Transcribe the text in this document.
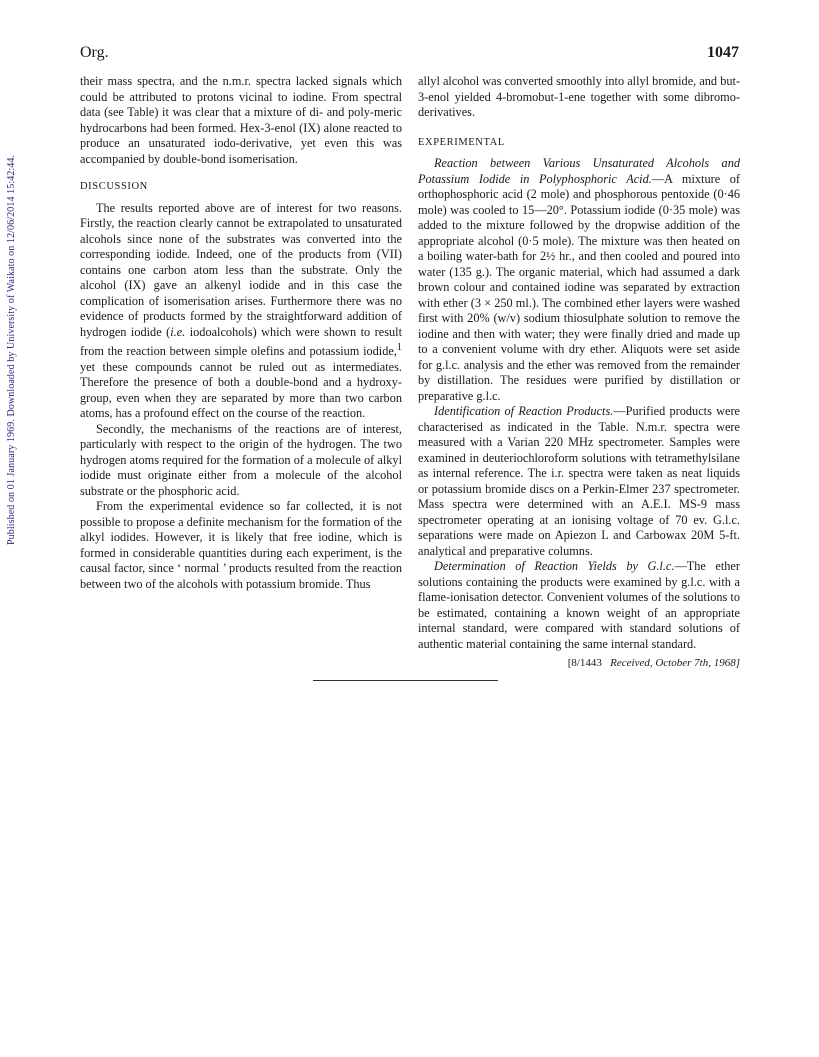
Published on 01 January 1969. Downloaded by University of Waikato on 12/06/2014 15:42:44.
Org.	1047

their mass spectra, and the n.m.r. spectra lacked signals which could be attributed to protons vicinal to iodine. From spectral data (see Table) it was clear that a mixture of di- and poly-meric hydrocarbons had been formed. Hex-3-enol (IX) alone reacted to produce an unsaturated iodo-derivative, yet even this was accompanied by double-bond isomerisation.

DISCUSSION

The results reported above are of interest for two reasons. Firstly, the reaction clearly cannot be extrapolated to unsaturated alcohols since none of the substrates was converted into the corresponding iodide. Indeed, one of the products from (VII) contains one carbon atom less than the substrate. Only the alcohol (IX) gave an alkenyl iodide and in this case the complication of isomerisation arises. Furthermore there was no evidence of products formed by the straightforward addition of hydrogen iodide (i.e. iodoalcohols) which were shown to result from the reaction between simple olefins and potassium iodide,$^1$ yet these compounds cannot be ruled out as intermediates. Therefore the presence of both a double-bond and a hydroxy-group, even when they are separated by more than two carbon atoms, has a profound effect on the course of the reaction.

Secondly, the mechanisms of the reactions are of interest, particularly with respect to the origin of the hydrogen. The two hydrogen atoms required for the formation of a molecule of alkyl iodide must originate either from a molecule of the alcohol substrate or the phosphoric acid.

From the experimental evidence so far collected, it is not possible to propose a definite mechanism for the formation of the alkyl iodides. However, it is likely that free iodine, which is formed in considerable quantities during each experiment, is the causal factor, since ‘ normal ’ products resulted from the reaction between two of the alcohols with potassium bromide. Thus

allyl alcohol was converted smoothly into allyl bromide, and but-3-enol yielded 4-bromobut-1-ene together with some dibromo-derivatives.

EXPERIMENTAL

Reaction between Various Unsaturated Alcohols and Potassium Iodide in Polyphosphoric Acid.—A mixture of orthophosphoric acid (2 mole) and phosphorous pentoxide (0·46 mole) was cooled to 15—20°. Potassium iodide (0·35 mole) was added to the mixture followed by the dropwise addition of the appropriate alcohol (0·5 mole). The mixture was then heated on a boiling water-bath for 2½ hr., and then cooled and poured into water (135 g.). The organic material, which had assumed a dark brown colour and contained iodine was separated by extraction with ether (3 × 250 ml.). The combined ether layers were washed first with 20% (w/v) sodium thiosulphate solution to remove the iodine and then with water; they were finally dried and made up to a convenient volume with dry ether. Aliquots were set aside for g.l.c. analysis and the ether was removed from the remainder by distillation. The residues were purified by distillation or preparative g.l.c.

Identification of Reaction Products.—Purified products were characterised as indicated in the Table. N.m.r. spectra were measured with a Varian 220 MHz spectrometer. Samples were examined in deuteriochloroform solutions with tetramethylsilane as internal reference. The i.r. spectra were taken as neat liquids or potassium bromide discs on a Perkin-Elmer 237 spectrometer. Mass spectra were determined with an A.E.I. MS-9 mass spectrometer operating at an ionising voltage of 70 ev. G.l.c. separations were made on Apiezon L and Carbowax 20M 5-ft. analytical and preparative columns.

Determination of Reaction Yields by G.l.c.—The ether solutions containing the products were examined by g.l.c. with a flame-ionisation detector. Convenient volumes of the solutions to be estimated, containing a known weight of an appropriate internal standard, were compared with standard solutions of authentic material containing the same internal standard.

[8/1443 Received, October 7th, 1968]
